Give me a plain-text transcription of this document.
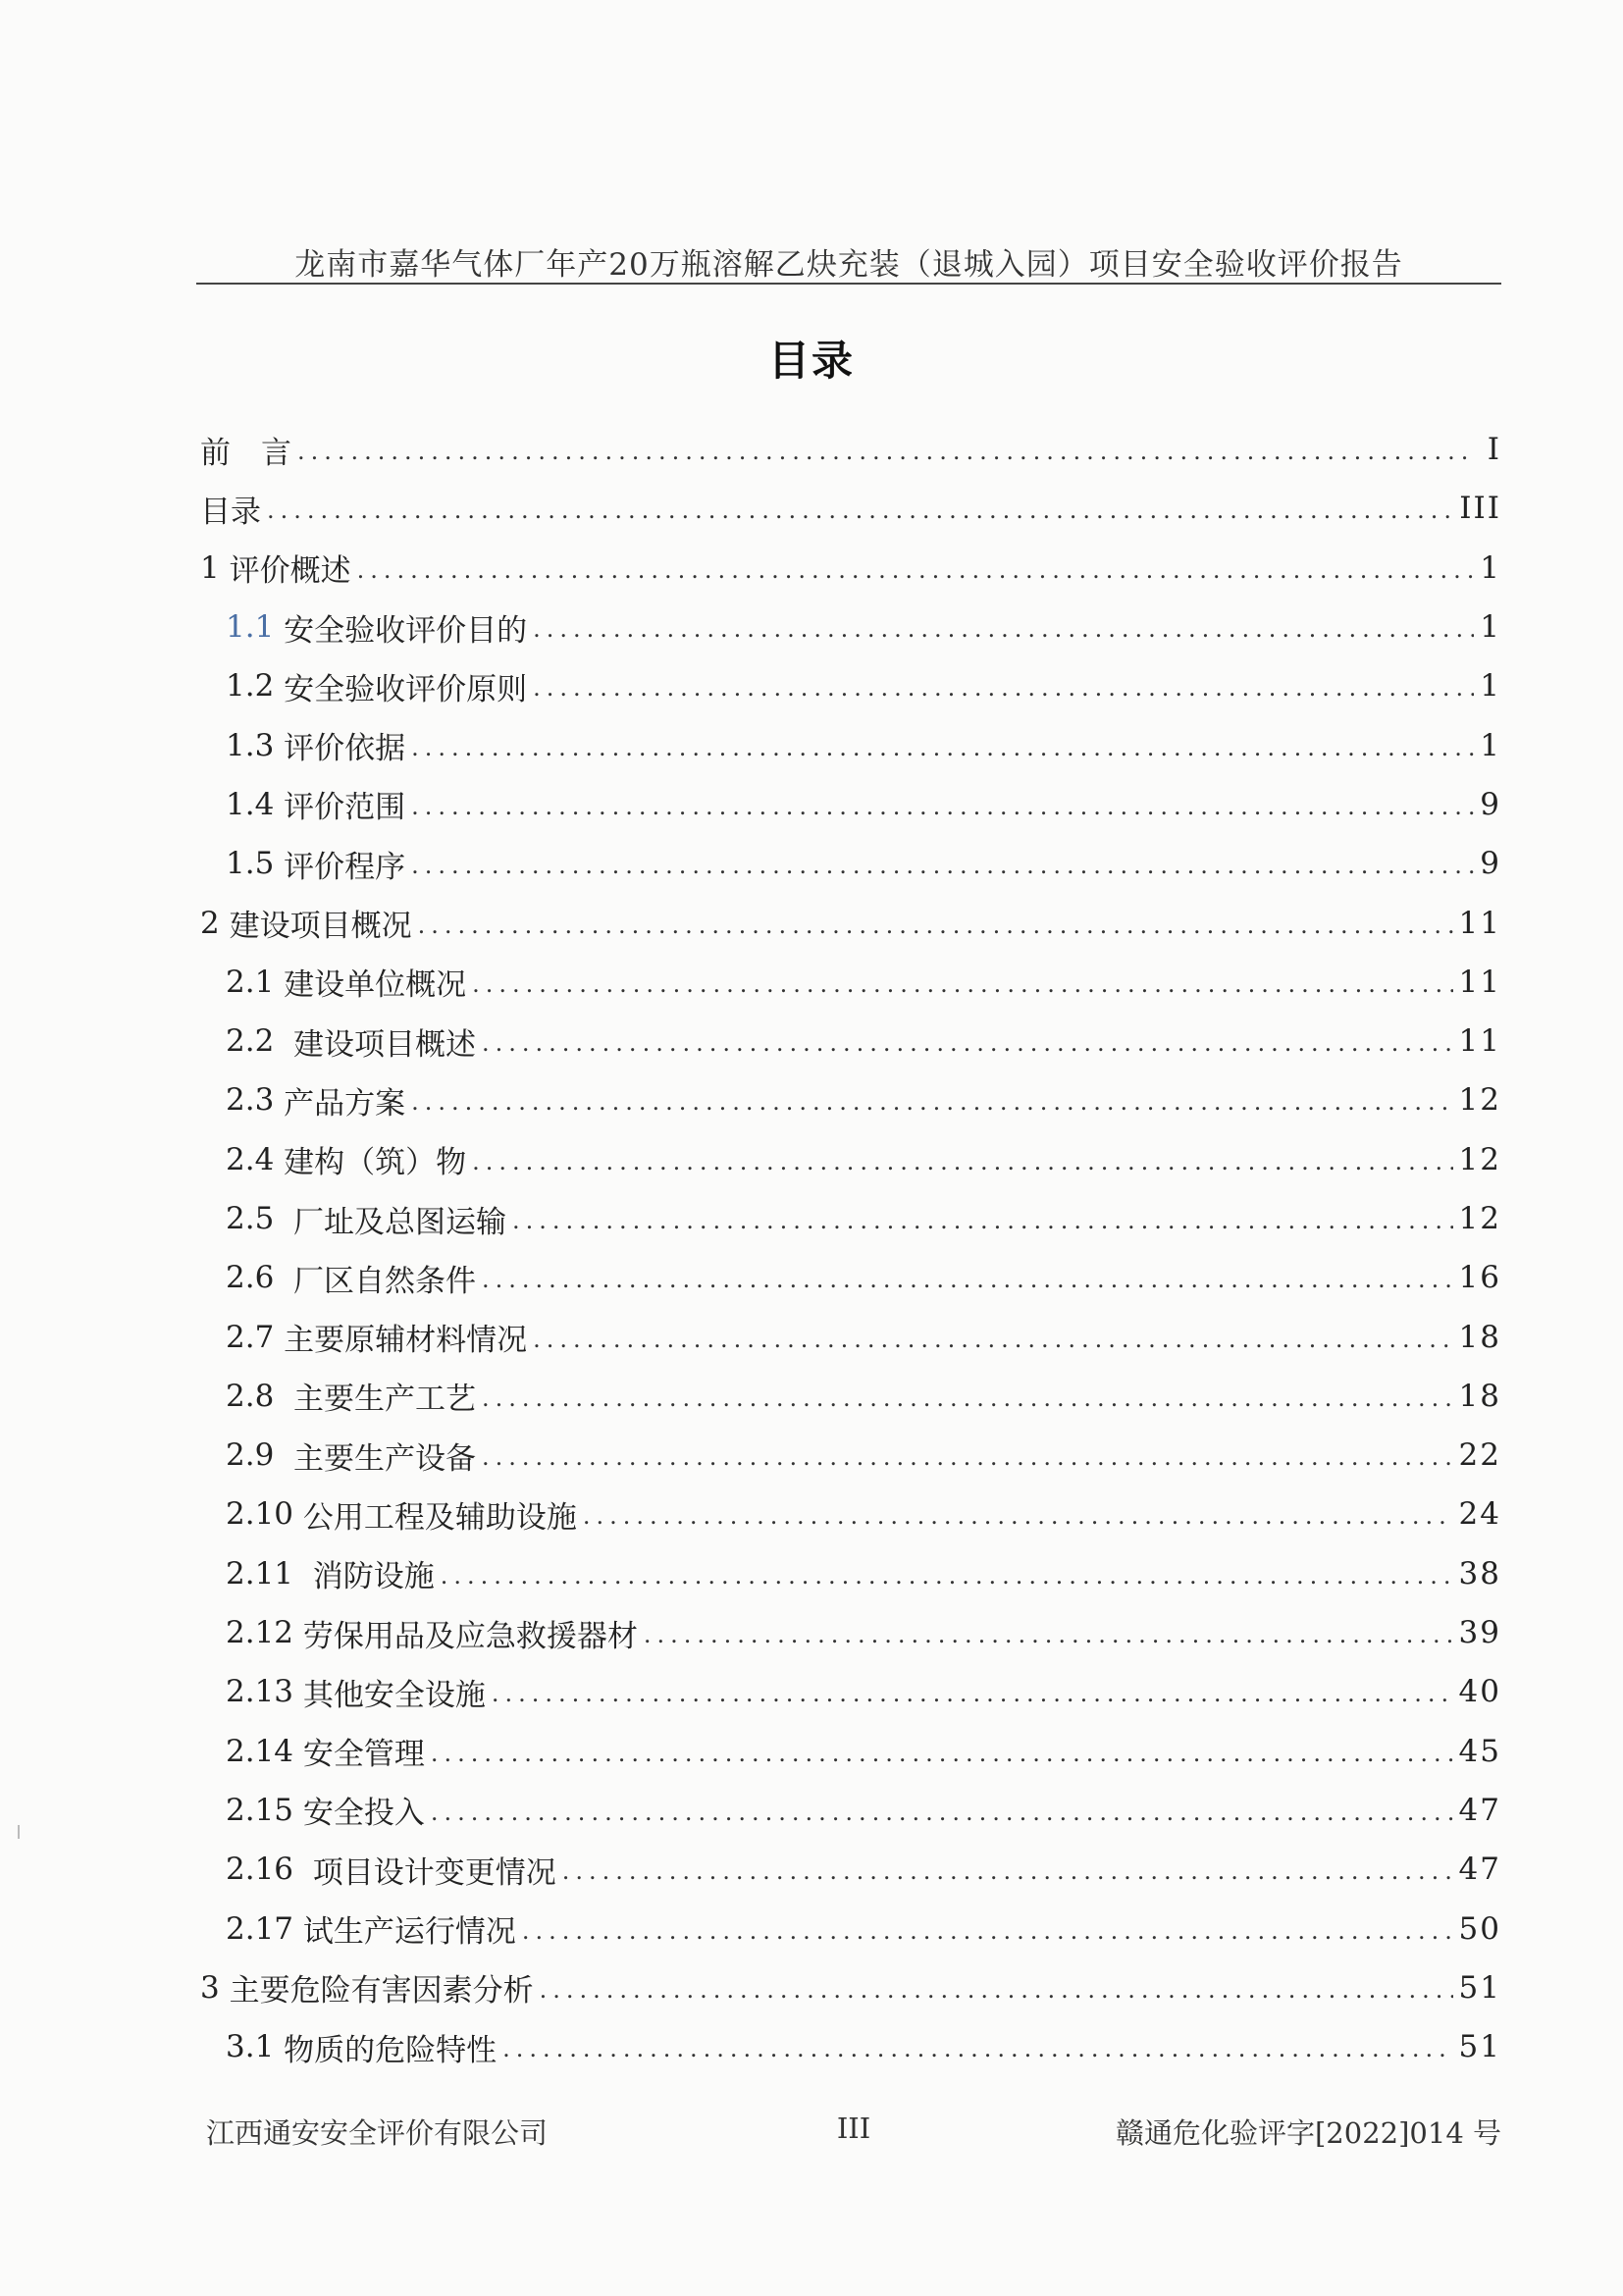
龙南市嘉华气体厂年产20万瓶溶解乙炔充装（退城入园）项目安全验收评价报告
目录
前　言 .....	I
目录 .....	III
1 评价概述 .....	1
1.1 安全验收评价目的 .....	1
1.2 安全验收评价原则 .....	1
1.3 评价依据 .....	1
1.4 评价范围 .....	9
1.5 评价程序 .....	9
2 建设项目概况 .....	11
2.1 建设单位概况 .....	11
2.2 建设项目概述 .....	11
2.3 产品方案 .....	12
2.4 建构（筑）物 .....	12
2.5 厂址及总图运输 .....	12
2.6 厂区自然条件 .....	16
2.7 主要原辅材料情况 .....	18
2.8 主要生产工艺 .....	18
2.9 主要生产设备 .....	22
2.10 公用工程及辅助设施 .....	24
2.11 消防设施 .....	38
2.12 劳保用品及应急救援器材 .....	39
2.13 其他安全设施 .....	40
2.14 安全管理 .....	45
2.15 安全投入 .....	47
2.16 项目设计变更情况 .....	47
2.17 试生产运行情况 .....	50
3 主要危险有害因素分析 .....	51
3.1 物质的危险特性 .....	51
江西通安安全评价有限公司	III	赣通危化验评字[2022]014 号
